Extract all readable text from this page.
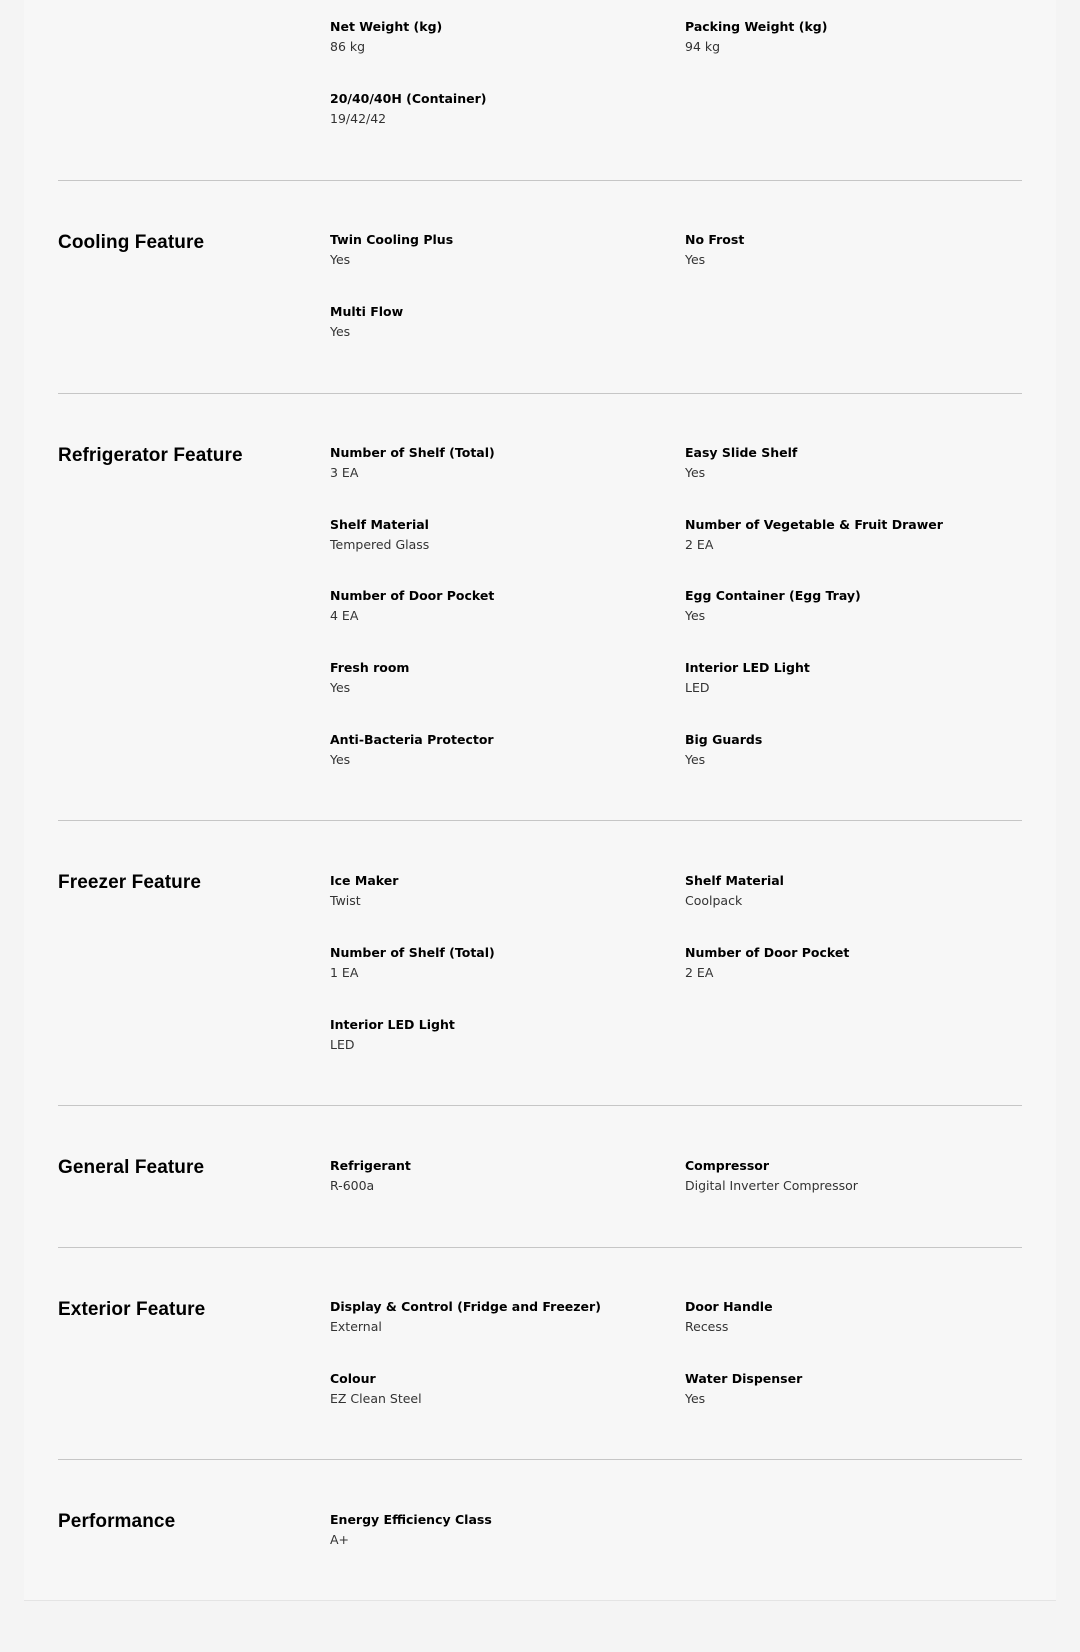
Net Weight (kg)
86 kg
Packing Weight (kg)
94 kg
20/40/40H (Container)
19/42/42
Cooling Feature	Twin Cooling Plus
Yes
No Frost
Yes
Multi Flow
Yes
Refrigerator Feature	Number of Shelf (Total)
3 EA
Easy Slide Shelf
Yes
Shelf Material
Tempered Glass
Number of Vegetable & Fruit Drawer
2 EA
Number of Door Pocket
4 EA
Egg Container (Egg Tray)
Yes
Fresh room
Yes
Interior LED Light
LED
Anti-Bacteria Protector
Yes
Big Guards
Yes
Freezer Feature	Ice Maker
Twist
Shelf Material
Coolpack
Number of Shelf (Total)
1 EA
Number of Door Pocket
2 EA
Interior LED Light
LED
General Feature	Refrigerant
R-600a
Compressor
Digital Inverter Compressor
Exterior Feature	Display & Control (Fridge and Freezer)
External
Door Handle
Recess
Colour
EZ Clean Steel
Water Dispenser
Yes
Performance	Energy Efficiency Class
A+
